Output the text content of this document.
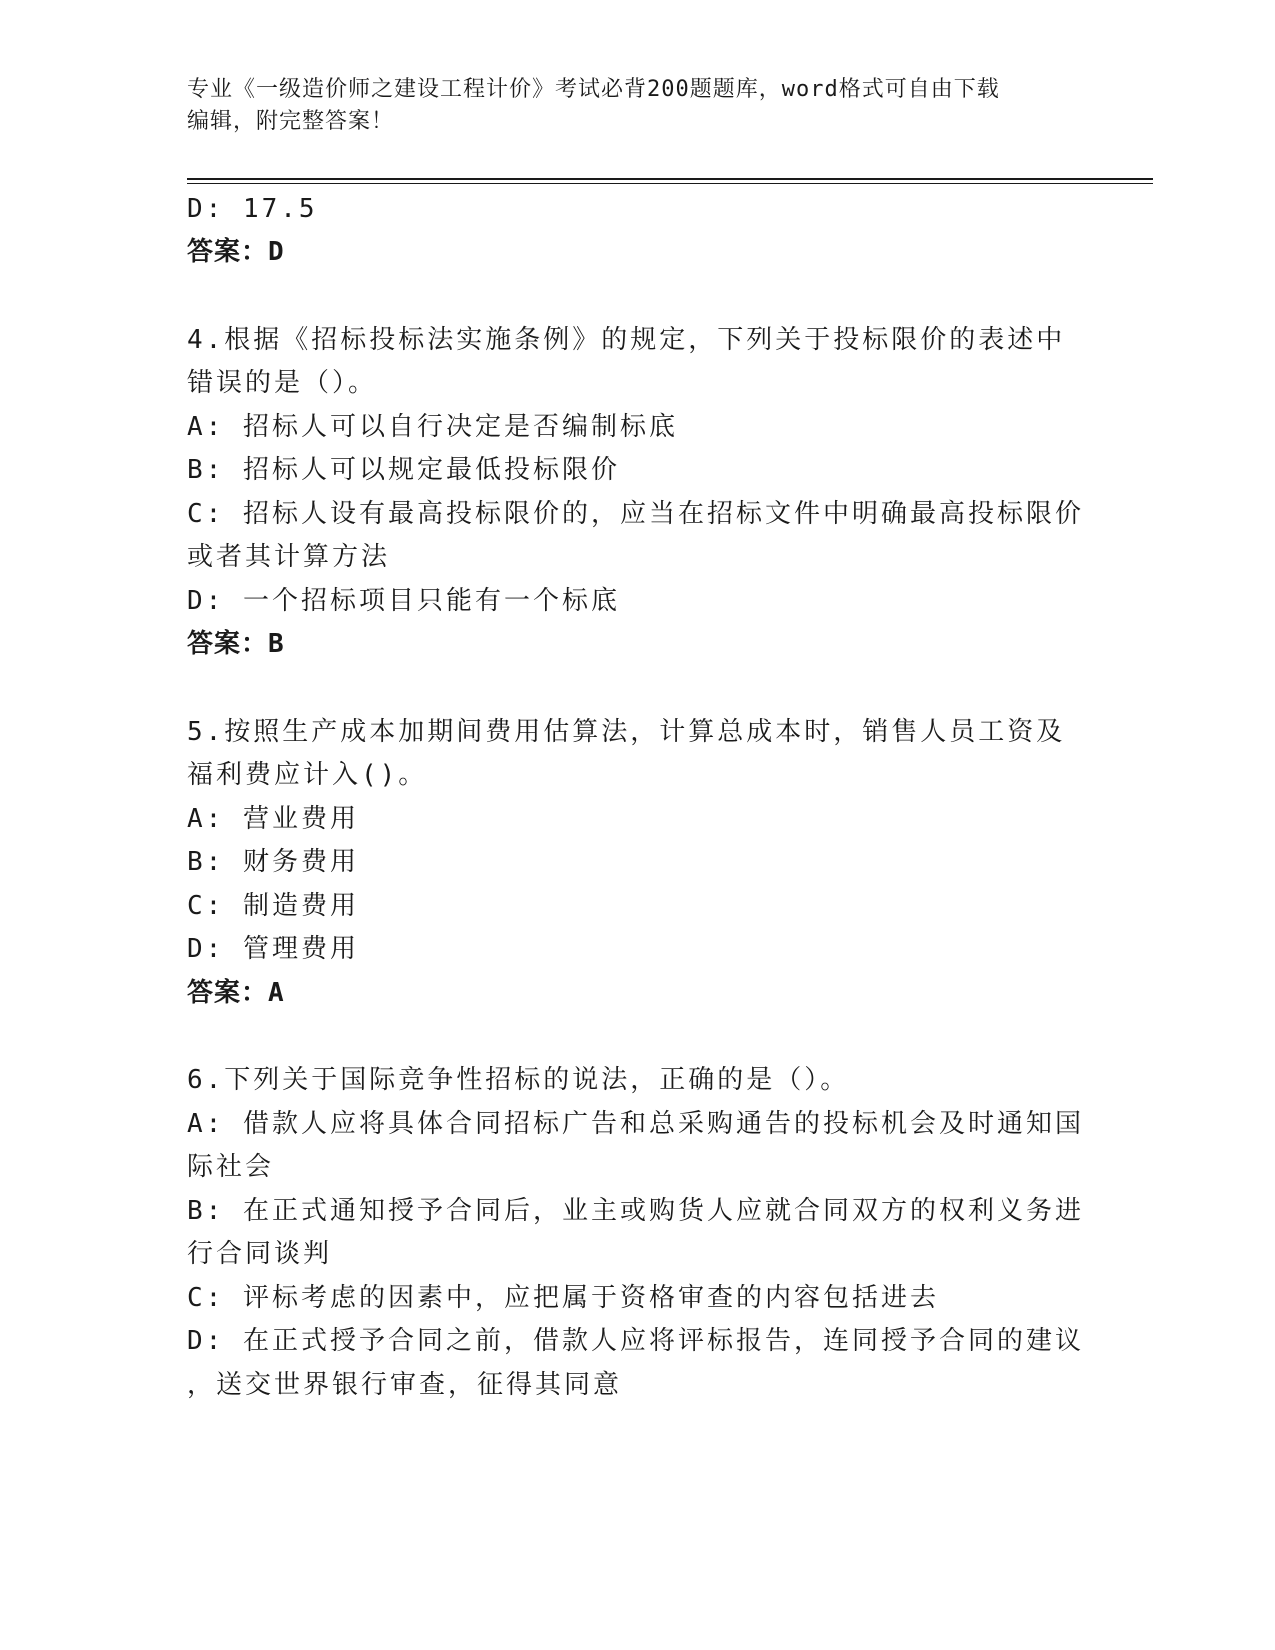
专业《一级造价师之建设工程计价》考试必背200题题库，word格式可自由下载
编辑，附完整答案！
D: 17.5
答案：D
4.根据《招标投标法实施条例》的规定，下列关于投标限价的表述中
错误的是（）。
A: 招标人可以自行决定是否编制标底
B: 招标人可以规定最低投标限价
C: 招标人设有最高投标限价的，应当在招标文件中明确最高投标限价
或者其计算方法
D: 一个招标项目只能有一个标底
答案：B
5.按照生产成本加期间费用估算法，计算总成本时，销售人员工资及
福利费应计入()。
A: 营业费用
B: 财务费用
C: 制造费用
D: 管理费用
答案：A
6.下列关于国际竞争性招标的说法，正确的是（）。
A: 借款人应将具体合同招标广告和总采购通告的投标机会及时通知国
际社会
B: 在正式通知授予合同后，业主或购货人应就合同双方的权利义务进
行合同谈判
C: 评标考虑的因素中，应把属于资格审查的内容包括进去
D: 在正式授予合同之前，借款人应将评标报告，连同授予合同的建议
，送交世界银行审查，征得其同意
